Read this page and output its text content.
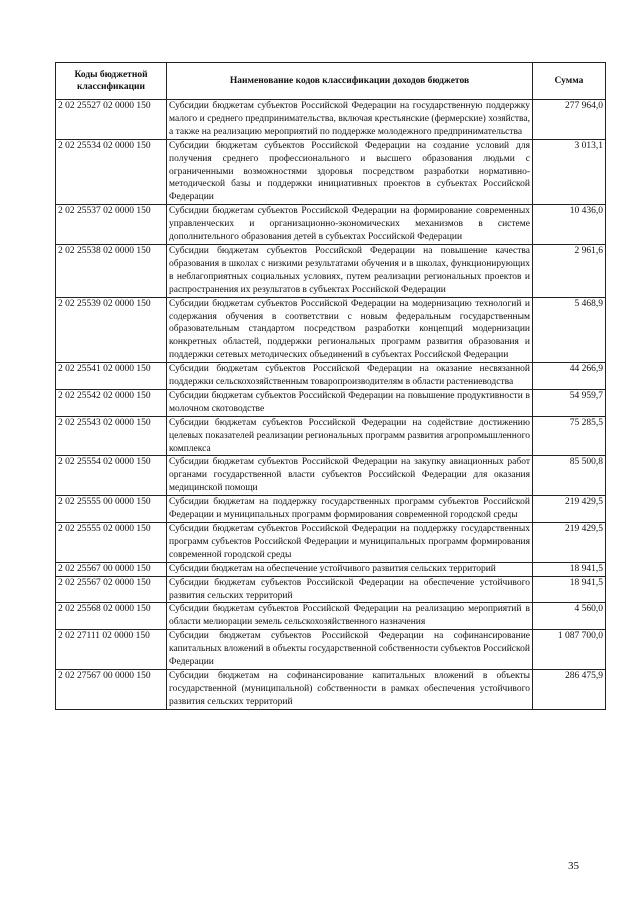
Коды бюджетной классификации	Наименование кодов классификации доходов бюджетов	Сумма
2 02 25527 02 0000 150	Субсидии бюджетам субъектов Российской Федерации на государственную поддержку малого и среднего предпринимательства, включая крестьянские (фермерские) хозяйства, а также на реализацию мероприятий по поддержке молодежного предпринимательства	277 964,0
2 02 25534 02 0000 150	Субсидии бюджетам субъектов Российской Федерации на создание условий для получения среднего профессионального и высшего образования людьми с ограниченными возможностями здоровья посредством разработки нормативно-методической базы и поддержки инициативных проектов в субъектах Российской Федерации	3 013,1
2 02 25537 02 0000 150	Субсидии бюджетам субъектов Российской Федерации на формирование современных управленческих и организационно-экономических механизмов в системе дополнительного образования детей в субъектах Российской Федерации	10 436,0
2 02 25538 02 0000 150	Субсидии бюджетам субъектов Российской Федерации на повышение качества образования в школах с низкими результатами обучения и в школах, функционирующих в неблагоприятных социальных условиях, путем реализации региональных проектов и распространения их результатов в субъектах Российской Федерации	2 961,6
2 02 25539 02 0000 150	Субсидии бюджетам субъектов Российской Федерации на модернизацию технологий и содержания обучения в соответствии с новым федеральным государственным образовательным стандартом посредством разработки концепций модернизации конкретных областей, поддержки региональных программ развития образования и поддержки сетевых методических объединений в субъектах Российской Федерации	5 468,9
2 02 25541 02 0000 150	Субсидии бюджетам субъектов Российской Федерации на оказание несвязанной поддержки сельскохозяйственным товаропроизводителям в области растениеводства	44 266,9
2 02 25542 02 0000 150	Субсидии бюджетам субъектов Российской Федерации на повышение продуктивности в молочном скотоводстве	54 959,7
2 02 25543 02 0000 150	Субсидии бюджетам субъектов Российской Федерации на содействие достижению целевых показателей реализации региональных программ развития агропромышленного комплекса	75 285,5
2 02 25554 02 0000 150	Субсидии бюджетам субъектов Российской Федерации на закупку авиационных работ органами государственной власти субъектов Российской Федерации для оказания медицинской помощи	85 500,8
2 02 25555 00 0000 150	Субсидии бюджетам на поддержку государственных программ субъектов Российской Федерации и муниципальных программ формирования современной городской среды	219 429,5
2 02 25555 02 0000 150	Субсидии бюджетам субъектов Российской Федерации на поддержку государственных программ субъектов Российской Федерации и муниципальных программ формирования современной городской среды	219 429,5
2 02 25567 00 0000 150	Субсидии бюджетам на обеспечение устойчивого развития сельских территорий	18 941,5
2 02 25567 02 0000 150	Субсидии бюджетам субъектов Российской Федерации на обеспечение устойчивого развития сельских территорий	18 941,5
2 02 25568 02 0000 150	Субсидии бюджетам субъектов Российской Федерации на реализацию мероприятий в области мелиорации земель сельскохозяйственного назначения	4 560,0
2 02 27111 02 0000 150	Субсидии бюджетам субъектов Российской Федерации на софинансирование капитальных вложений в объекты государственной собственности субъектов Российской Федерации	1 087 700,0
2 02 27567 00 0000 150	Субсидии бюджетам на софинансирование капитальных вложений в объекты государственной (муниципальной) собственности в рамках обеспечения устойчивого развития сельских территорий	286 475,9
35
